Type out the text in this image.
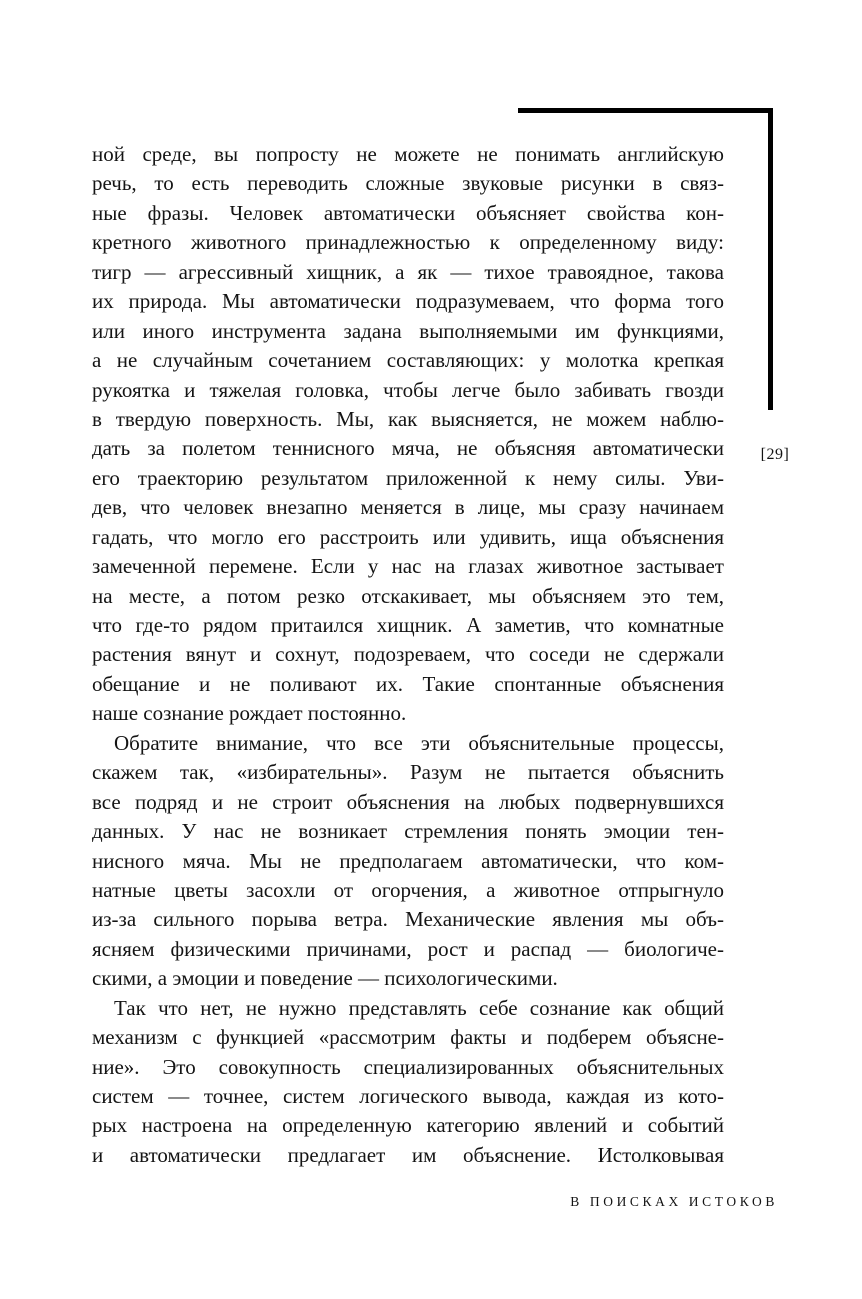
[29]
ной среде, вы попросту не можете не понимать английскую
речь, то есть переводить сложные звуковые рисунки в связ-
ные фразы. Человек автоматически объясняет свойства кон-
кретного животного принадлежностью к определенному виду:
тигр — агрессивный хищник, а як — тихое травоядное, такова
их природа. Мы автоматически подразумеваем, что форма того
или иного инструмента задана выполняемыми им функциями,
а не случайным сочетанием составляющих: у молотка крепкая
рукоятка и тяжелая головка, чтобы легче было забивать гвозди
в твердую поверхность. Мы, как выясняется, не можем наблю-
дать за полетом теннисного мяча, не объясняя автоматически
его траекторию результатом приложенной к нему силы. Уви-
дев, что человек внезапно меняется в лице, мы сразу начинаем
гадать, что могло его расстроить или удивить, ища объяснения
замеченной перемене. Если у нас на глазах животное застывает
на месте, а потом резко отскакивает, мы объясняем это тем,
что где-то рядом притаился хищник. А заметив, что комнатные
растения вянут и сохнут, подозреваем, что соседи не сдержали
обещание и не поливают их. Такие спонтанные объяснения
наше сознание рождает постоянно.
Обратите внимание, что все эти объяснительные процессы,
скажем так, «избирательны». Разум не пытается объяснить
все подряд и не строит объяснения на любых подвернувшихся
данных. У нас не возникает стремления понять эмоции тен-
нисного мяча. Мы не предполагаем автоматически, что ком-
натные цветы засохли от огорчения, а животное отпрыгнуло
из-за сильного порыва ветра. Механические явления мы объ-
ясняем физическими причинами, рост и распад — биологиче-
скими, а эмоции и поведение — психологическими.
Так что нет, не нужно представлять себе сознание как общий
механизм с функцией «рассмотрим факты и подберем объясне-
ние». Это совокупность специализированных объяснительных
систем — точнее, систем логического вывода, каждая из кото-
рых настроена на определенную категорию явлений и событий
и автоматически предлагает им объяснение. Истолковывая
В ПОИСКАХ ИСТОКОВ
